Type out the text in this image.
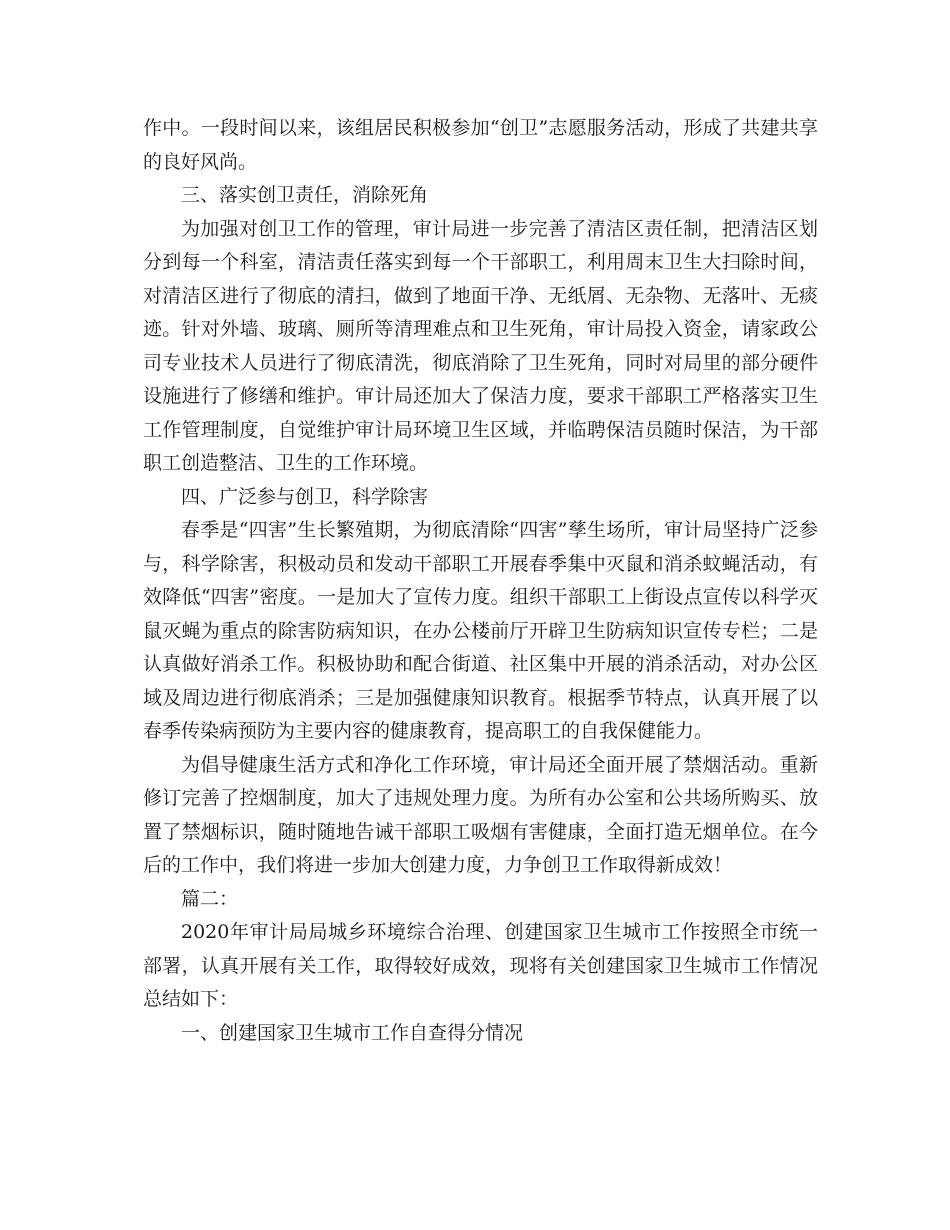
作中。一段时间以来，该组居民积极参加“创卫”志愿服务活动，形成了共建共享的良好风尚。

三、落实创卫责任，消除死角

为加强对创卫工作的管理，审计局进一步完善了清洁区责任制，把清洁区划分到每一个科室，清洁责任落实到每一个干部职工，利用周末卫生大扫除时间，对清洁区进行了彻底的清扫，做到了地面干净、无纸屑、无杂物、无落叶、无痰迹。针对外墙、玻璃、厕所等清理难点和卫生死角，审计局投入资金，请家政公司专业技术人员进行了彻底清洗，彻底消除了卫生死角，同时对局里的部分硬件设施进行了修缮和维护。审计局还加大了保洁力度，要求干部职工严格落实卫生工作管理制度，自觉维护审计局环境卫生区域，并临聘保洁员随时保洁，为干部职工创造整洁、卫生的工作环境。

四、广泛参与创卫，科学除害

春季是“四害”生长繁殖期，为彻底清除“四害”孳生场所，审计局坚持广泛参与，科学除害，积极动员和发动干部职工开展春季集中灭鼠和消杀蚊蝇活动，有效降低“四害”密度。一是加大了宣传力度。组织干部职工上街设点宣传以科学灭鼠灭蝇为重点的除害防病知识，在办公楼前厅开辟卫生防病知识宣传专栏；二是认真做好消杀工作。积极协助和配合街道、社区集中开展的消杀活动，对办公区域及周边进行彻底消杀；三是加强健康知识教育。根据季节特点，认真开展了以春季传染病预防为主要内容的健康教育，提高职工的自我保健能力。

为倡导健康生活方式和净化工作环境，审计局还全面开展了禁烟活动。重新修订完善了控烟制度，加大了违规处理力度。为所有办公室和公共场所购买、放置了禁烟标识，随时随地告诫干部职工吸烟有害健康，全面打造无烟单位。在今后的工作中，我们将进一步加大创建力度，力争创卫工作取得新成效！

篇二：

2020年审计局局城乡环境综合治理、创建国家卫生城市工作按照全市统一部署，认真开展有关工作，取得较好成效，现将有关创建国家卫生城市工作情况总结如下：

一、创建国家卫生城市工作自查得分情况
